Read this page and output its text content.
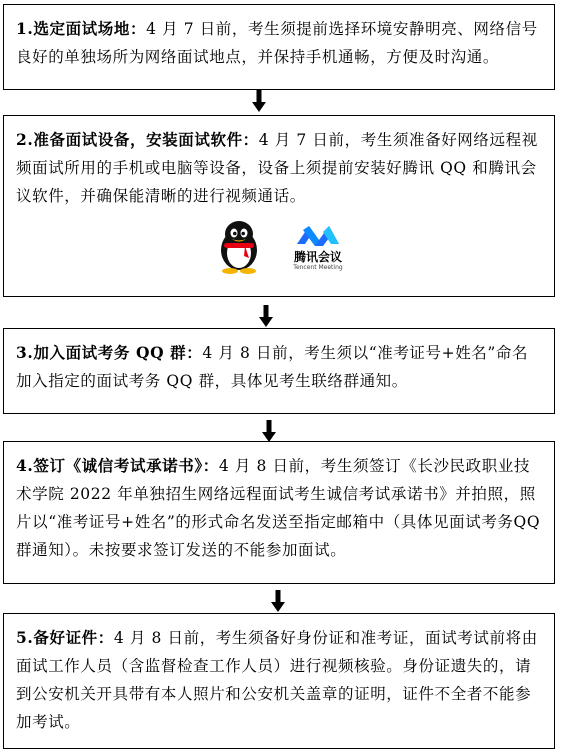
1.选定面试场地：4 月 7 日前，考生须提前选择环境安静明亮、网络信号良好的单独场所为网络面试地点，并保持手机通畅，方便及时沟通。
2.准备面试设备，安装面试软件：4 月 7 日前，考生须准备好网络远程视频面试所用的手机或电脑等设备，设备上须提前安装好腾讯 QQ 和腾讯会议软件，并确保能清晰的进行视频通话。
腾讯会议
Tencent Meeting
3.加入面试考务 QQ 群：4 月 8 日前，考生须以“准考证号+姓名”命名加入指定的面试考务 QQ 群，具体见考生联络群通知。
4.签订《诚信考试承诺书》：4 月 8 日前，考生须签订《长沙民政职业技术学院 2022 年单独招生网络远程面试考生诚信考试承诺书》并拍照，照片以“准考证号+姓名”的形式命名发送至指定邮箱中（具体见面试考务QQ群通知）。未按要求签订发送的不能参加面试。
5.备好证件：4 月 8 日前，考生须备好身份证和准考证，面试考试前将由面试工作人员（含监督检查工作人员）进行视频核验。身份证遗失的，请到公安机关开具带有本人照片和公安机关盖章的证明，证件不全者不能参加考试。
